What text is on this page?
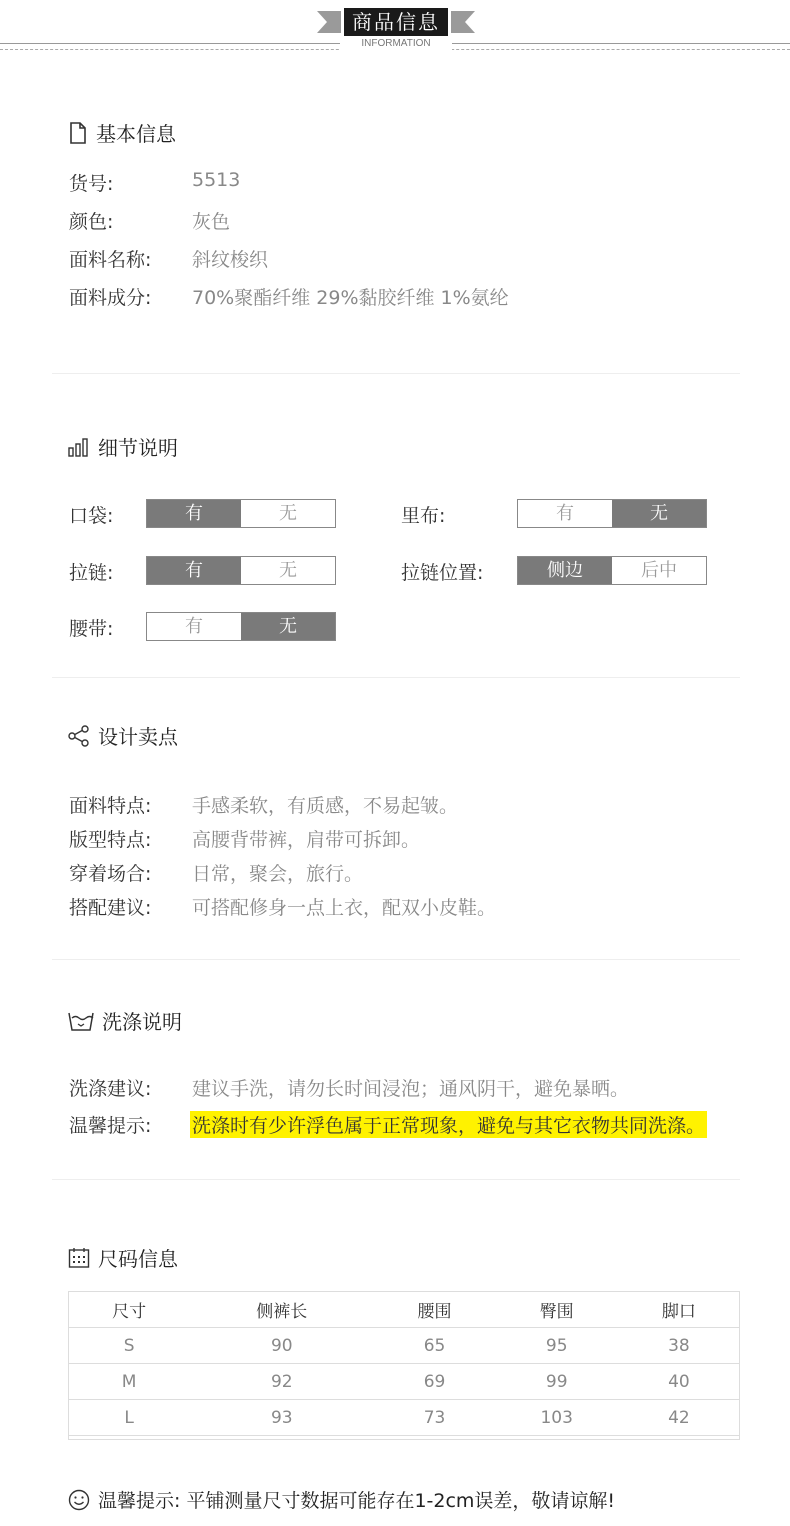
商品信息
INFORMATION
基本信息
货号:	5513
颜色:	灰色
面料名称: 斜纹梭织
面料成分: 70%聚酯纤维 29%黏胶纤维 1%氨纶
细节说明
口袋:	有	无	里布:	有	无
拉链:	有	无	拉链位置:	侧边	后中
腰带:	有	无
设计卖点
面料特点: 手感柔软，有质感，不易起皱。
版型特点: 高腰背带裤，肩带可拆卸。
穿着场合: 日常，聚会，旅行。
搭配建议: 可搭配修身一点上衣，配双小皮鞋。
洗涤说明
洗涤建议: 建议手洗，请勿长时间浸泡；通风阴干，避免暴晒。
温馨提示: 洗涤时有少许浮色属于正常现象，避免与其它衣物共同洗涤。
尺码信息
尺寸	侧裤长	腰围	臀围	脚口
S	90	65	95	38
M	92	69	99	40
L	93	73	103	42
温馨提示: 平铺测量尺寸数据可能存在1-2cm误差，敬请谅解!
